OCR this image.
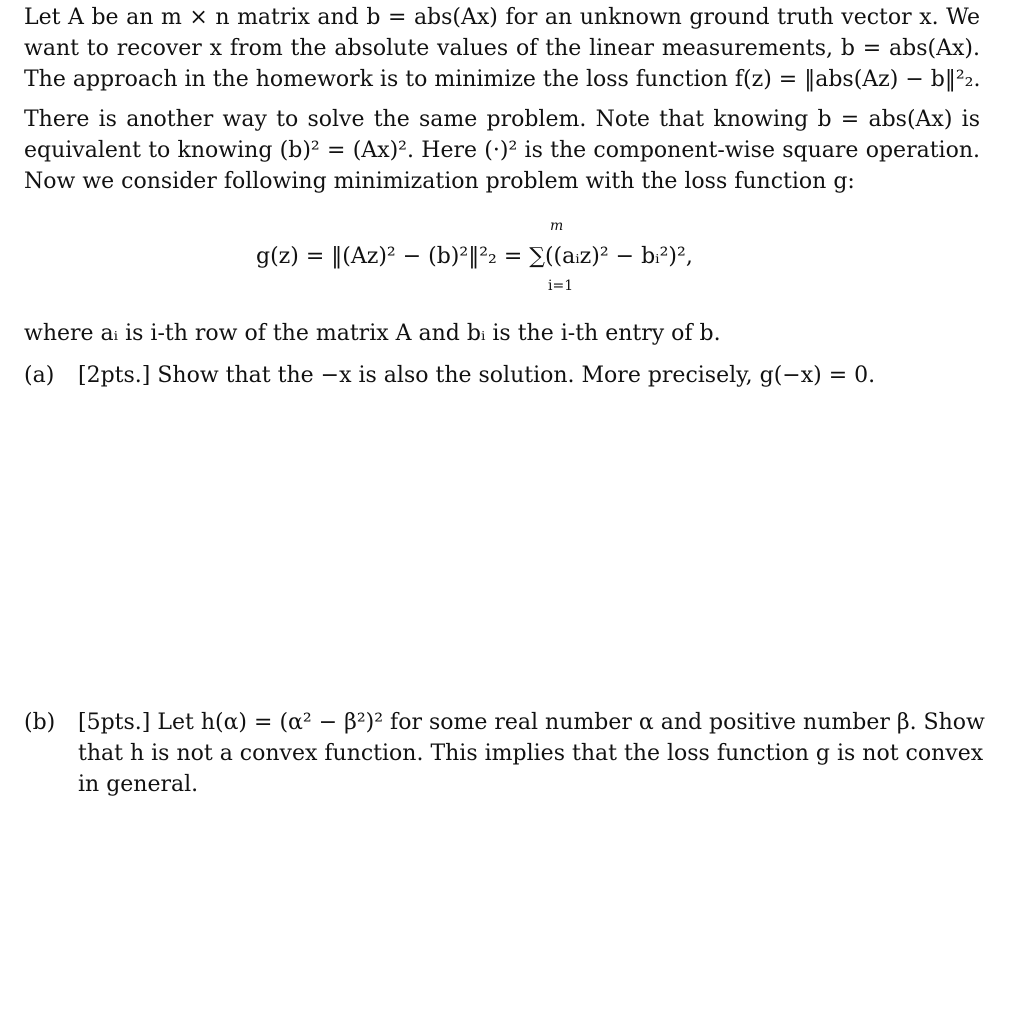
Let A be an m × n matrix and b = abs(Ax) for an unknown ground truth vector x. We
want to recover x from the absolute values of the linear measurements, b = abs(Ax).
The approach in the homework is to minimize the loss function f(z) = ‖abs(Az) − b‖²₂.
There is another way to solve the same problem. Note that knowing b = abs(Ax) is
equivalent to knowing (b)² = (Ax)². Here (·)² is the component-wise square operation.
Now we consider following minimization problem with the loss function g:
m
g(z) = ‖(Az)² − (b)²‖²₂ = ∑((aᵢz)² − bᵢ²)²,
i=1
where aᵢ is i-th row of the matrix A and bᵢ is the i-th entry of b.
(a) [2pts.] Show that the −x is also the solution. More precisely, g(−x) = 0.
(b) [5pts.] Let h(α) = (α² − β²)² for some real number α and positive number β. Show
that h is not a convex function. This implies that the loss function g is not convex
in general.
